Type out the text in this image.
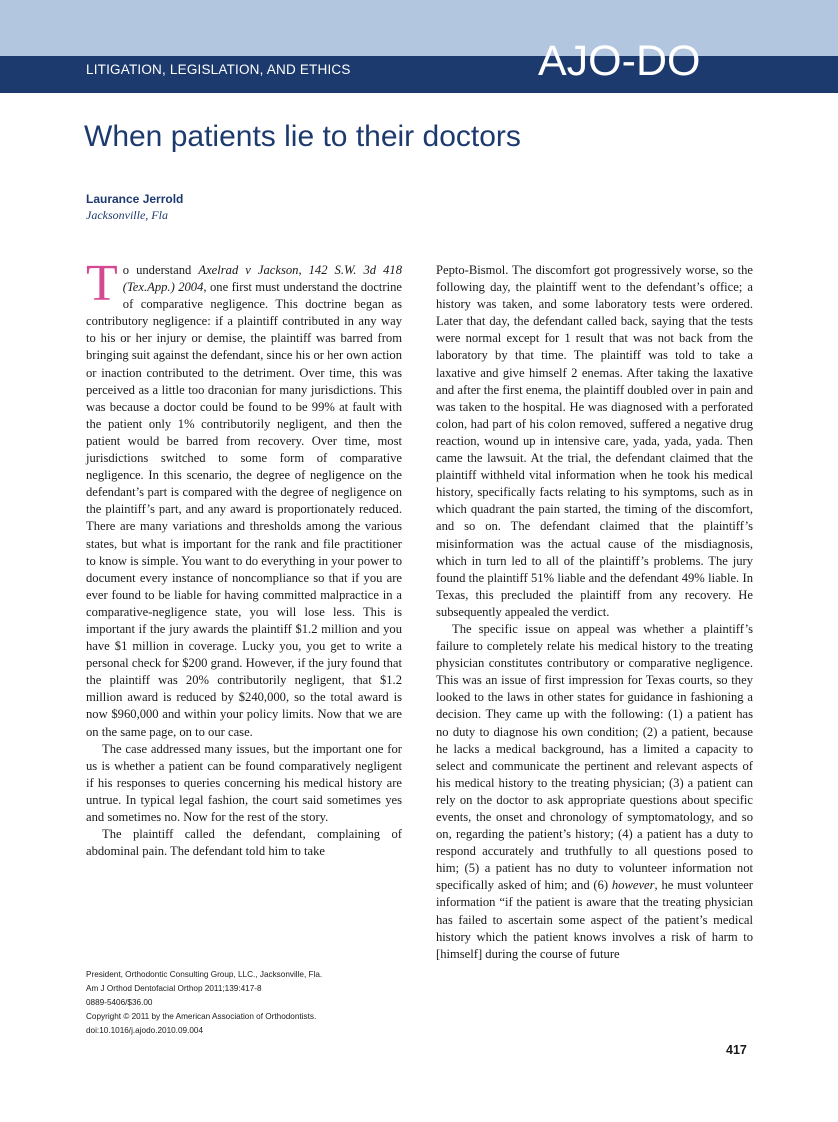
LITIGATION, LEGISLATION, AND ETHICS	AJO-DO
When patients lie to their doctors
Laurance Jerrold
Jacksonville, Fla

To understand Axelrad v Jackson, 142 S.W. 3d 418 (Tex.App.) 2004, one first must understand the doctrine of comparative negligence. This doctrine began as contributory negligence: if a plaintiff contributed in any way to his or her injury or demise, the plaintiff was barred from bringing suit against the defendant, since his or her own action or inaction contributed to the detriment. Over time, this was perceived as a little too draconian for many jurisdictions. This was because a doctor could be found to be 99% at fault with the patient only 1% contributorily negligent, and then the patient would be barred from recovery. Over time, most jurisdictions switched to some form of comparative negligence. In this scenario, the degree of negligence on the defendant’s part is compared with the degree of negligence on the plaintiff’s part, and any award is proportionately reduced. There are many variations and thresholds among the various states, but what is important for the rank and file practitioner to know is simple. You want to do everything in your power to document every instance of noncompliance so that if you are ever found to be liable for having committed malpractice in a comparative-negligence state, you will lose less. This is important if the jury awards the plaintiff $1.2 million and you have $1 million in coverage. Lucky you, you get to write a personal check for $200 grand. However, if the jury found that the plaintiff was 20% contributorily negligent, that $1.2 million award is reduced by $240,000, so the total award is now $960,000 and within your policy limits. Now that we are on the same page, on to our case.

The case addressed many issues, but the important one for us is whether a patient can be found comparatively negligent if his responses to queries concerning his medical history are untrue. In typical legal fashion, the court said sometimes yes and sometimes no. Now for the rest of the story.

The plaintiff called the defendant, complaining of abdominal pain. The defendant told him to take

Pepto-Bismol. The discomfort got progressively worse, so the following day, the plaintiff went to the defendant’s office; a history was taken, and some laboratory tests were ordered. Later that day, the defendant called back, saying that the tests were normal except for 1 result that was not back from the laboratory by that time. The plaintiff was told to take a laxative and give himself 2 enemas. After taking the laxative and after the first enema, the plaintiff doubled over in pain and was taken to the hospital. He was diagnosed with a perforated colon, had part of his colon removed, suffered a negative drug reaction, wound up in intensive care, yada, yada, yada. Then came the lawsuit. At the trial, the defendant claimed that the plaintiff withheld vital information when he took his medical history, specifically facts relating to his symptoms, such as in which quadrant the pain started, the timing of the discomfort, and so on. The defendant claimed that the plaintiff’s misinformation was the actual cause of the misdiagnosis, which in turn led to all of the plaintiff’s problems. The jury found the plaintiff 51% liable and the defendant 49% liable. In Texas, this precluded the plaintiff from any recovery. He subsequently appealed the verdict.

The specific issue on appeal was whether a plaintiff’s failure to completely relate his medical history to the treating physician constitutes contributory or comparative negligence. This was an issue of first impression for Texas courts, so they looked to the laws in other states for guidance in fashioning a decision. They came up with the following: (1) a patient has no duty to diagnose his own condition; (2) a patient, because he lacks a medical background, has a limited a capacity to select and communicate the pertinent and relevant aspects of his medical history to the treating physician; (3) a patient can rely on the doctor to ask appropriate questions about specific events, the onset and chronology of symptomatology, and so on, regarding the patient’s history; (4) a patient has a duty to respond accurately and truthfully to all questions posed to him; (5) a patient has no duty to volunteer information not specifically asked of him; and (6) however, he must volunteer information “if the patient is aware that the treating physician has failed to ascertain some aspect of the patient’s medical history which the patient knows involves a risk of harm to [himself] during the course of future

President, Orthodontic Consulting Group, LLC., Jacksonville, Fla.
Am J Orthod Dentofacial Orthop 2011;139:417-8
0889-5406/$36.00
Copyright © 2011 by the American Association of Orthodontists.
doi:10.1016/j.ajodo.2010.09.004
417
